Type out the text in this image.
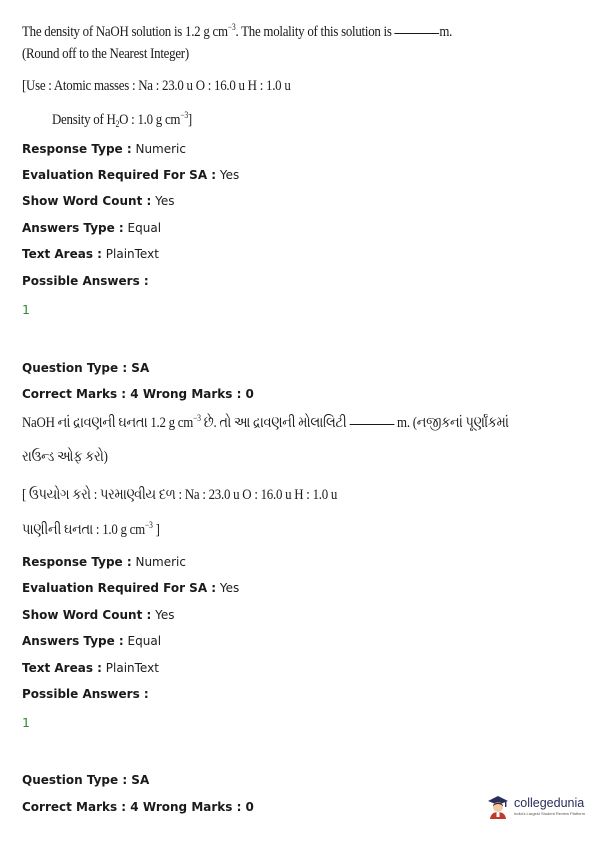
The density of NaOH solution is 1.2 g $cm^{-3}$. The molality of this solution is	m.
(Round off to the Nearest Integer)
[Use : Atomic masses : Na : 23.0 u O : 16.0 u H : 1.0 u
Density of $H_2O$ : 1.0 g $cm^{-3}$]
Response Type : Numeric
Evaluation Required For SA : Yes
Show Word Count : Yes
Answers Type : Equal
Text Areas : PlainText
Possible Answers :
1
Question Type : SA
Correct Marks : 4 Wrong Marks : 0
NaOH નાં દ્રાવણની ઘનતા 1.2 g $cm^{-3}$ છે. તો આ દ્રાવણની મોલાલિટી	m. (નજીકનાં પૂર્ણાંકમાં
રાઉન્ડ ઓફ કરો)
[ ઉપયોગ કરો : પરમાણ્વીય દળ : Na : 23.0 u O : 16.0 u H : 1.0 u
પાણીની ઘનતા : 1.0 g $cm^{-3}$ ]
Response Type : Numeric
Evaluation Required For SA : Yes
Show Word Count : Yes
Answers Type : Equal
Text Areas : PlainText
Possible Answers :
1
Question Type : SA
Correct Marks : 4 Wrong Marks : 0	collegedunia
India's Largest Student Review Platform
